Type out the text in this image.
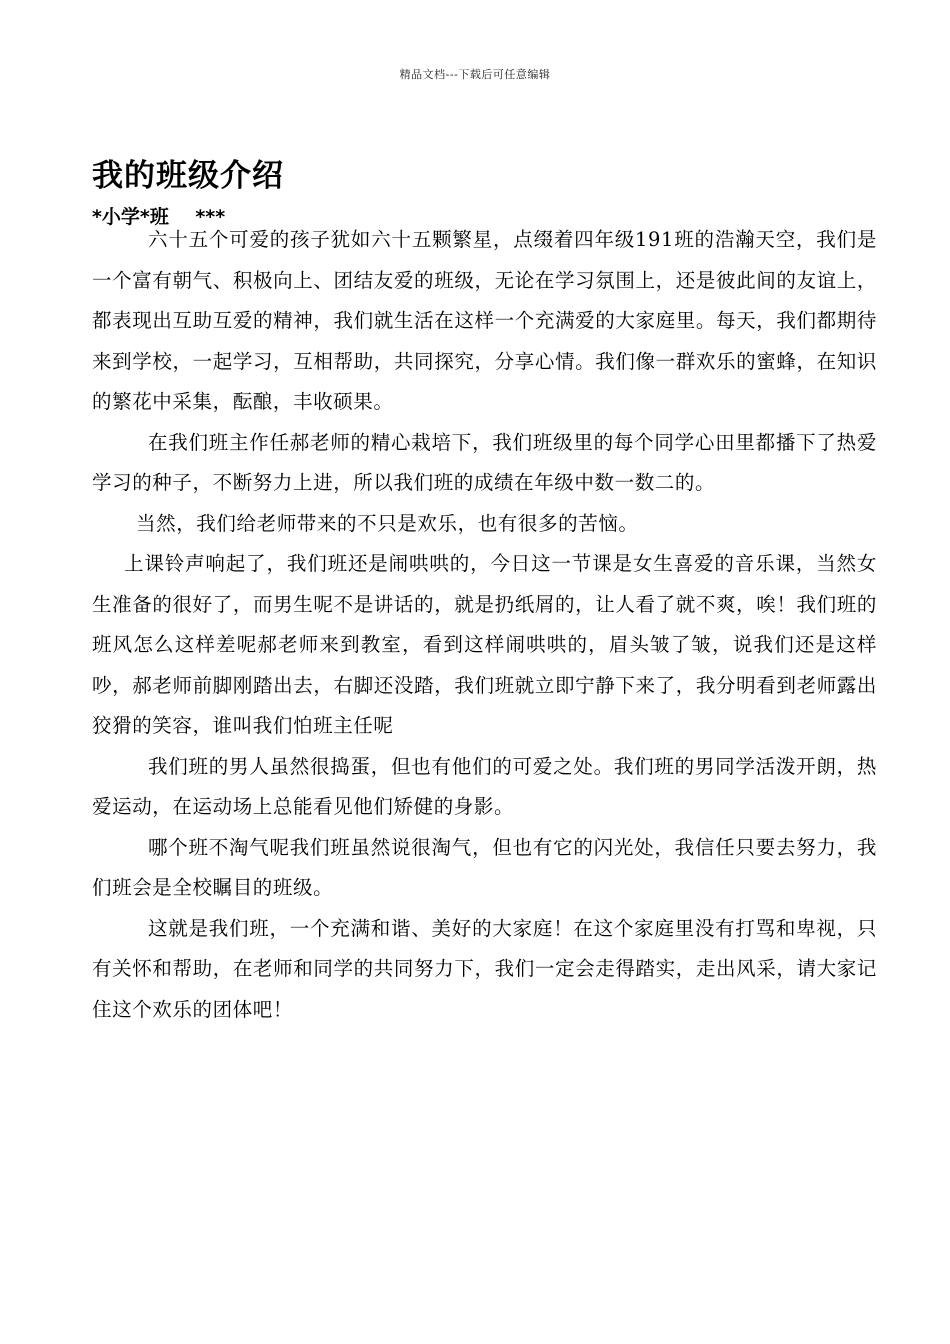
精品文档---下载后可任意编辑
我的班级介绍
*小学*班    ***

六十五个可爱的孩子犹如六十五颗繁星，点缀着四年级191班的浩瀚天空，我们是一个富有朝气、积极向上、团结友爱的班级，无论在学习氛围上，还是彼此间的友谊上，都表现出互助互爱的精神，我们就生活在这样一个充满爱的大家庭里。每天，我们都期待来到学校，一起学习，互相帮助，共同探究，分享心情。我们像一群欢乐的蜜蜂，在知识的繁花中采集，酝酿，丰收硕果。

在我们班主作任郝老师的精心栽培下，我们班级里的每个同学心田里都播下了热爱学习的种子，不断努力上进，所以我们班的成绩在年级中数一数二的。

当然，我们给老师带来的不只是欢乐，也有很多的苦恼。

上课铃声响起了，我们班还是闹哄哄的，今日这一节课是女生喜爱的音乐课，当然女生准备的很好了，而男生呢不是讲话的，就是扔纸屑的，让人看了就不爽，唉！我们班的班风怎么这样差呢郝老师来到教室，看到这样闹哄哄的，眉头皱了皱，说我们还是这样吵，郝老师前脚刚踏出去，右脚还没踏，我们班就立即宁静下来了，我分明看到老师露出狡猾的笑容，谁叫我们怕班主任呢

我们班的男人虽然很捣蛋，但也有他们的可爱之处。我们班的男同学活泼开朗，热爱运动，在运动场上总能看见他们矫健的身影。

哪个班不淘气呢我们班虽然说很淘气，但也有它的闪光处，我信任只要去努力，我们班会是全校瞩目的班级。

这就是我们班，一个充满和谐、美好的大家庭！在这个家庭里没有打骂和卑视，只有关怀和帮助，在老师和同学的共同努力下，我们一定会走得踏实，走出风采，请大家记住这个欢乐的团体吧！
